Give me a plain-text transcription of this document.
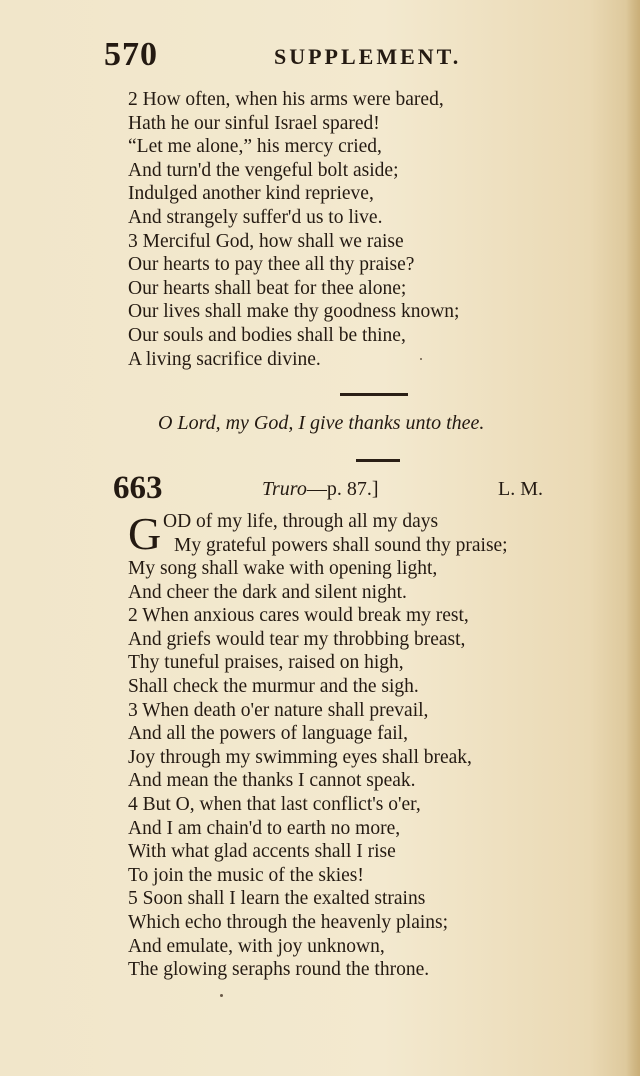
570	SUPPLEMENT.
2 How often, when his arms were bared,
Hath he our sinful Israel spared!
“Let me alone,” his mercy cried,
And turn'd the vengeful bolt aside;
Indulged another kind reprieve,
And strangely suffer'd us to live.
3 Merciful God, how shall we raise
Our hearts to pay thee all thy praise?
Our hearts shall beat for thee alone;
Our lives shall make thy goodness known;
Our souls and bodies shall be thine,
A living sacrifice divine.
O Lord, my God, I give thanks unto thee.
663	Truro—p. 87.]	L. M.
G OD of my life, through all my days
My grateful powers shall sound thy praise;
My song shall wake with opening light,
And cheer the dark and silent night.
2 When anxious cares would break my rest,
And griefs would tear my throbbing breast,
Thy tuneful praises, raised on high,
Shall check the murmur and the sigh.
3 When death o'er nature shall prevail,
And all the powers of language fail,
Joy through my swimming eyes shall break,
And mean the thanks I cannot speak.
4 But O, when that last conflict's o'er,
And I am chain'd to earth no more,
With what glad accents shall I rise
To join the music of the skies!
5 Soon shall I learn the exalted strains
Which echo through the heavenly plains;
And emulate, with joy unknown,
The glowing seraphs round the throne.
